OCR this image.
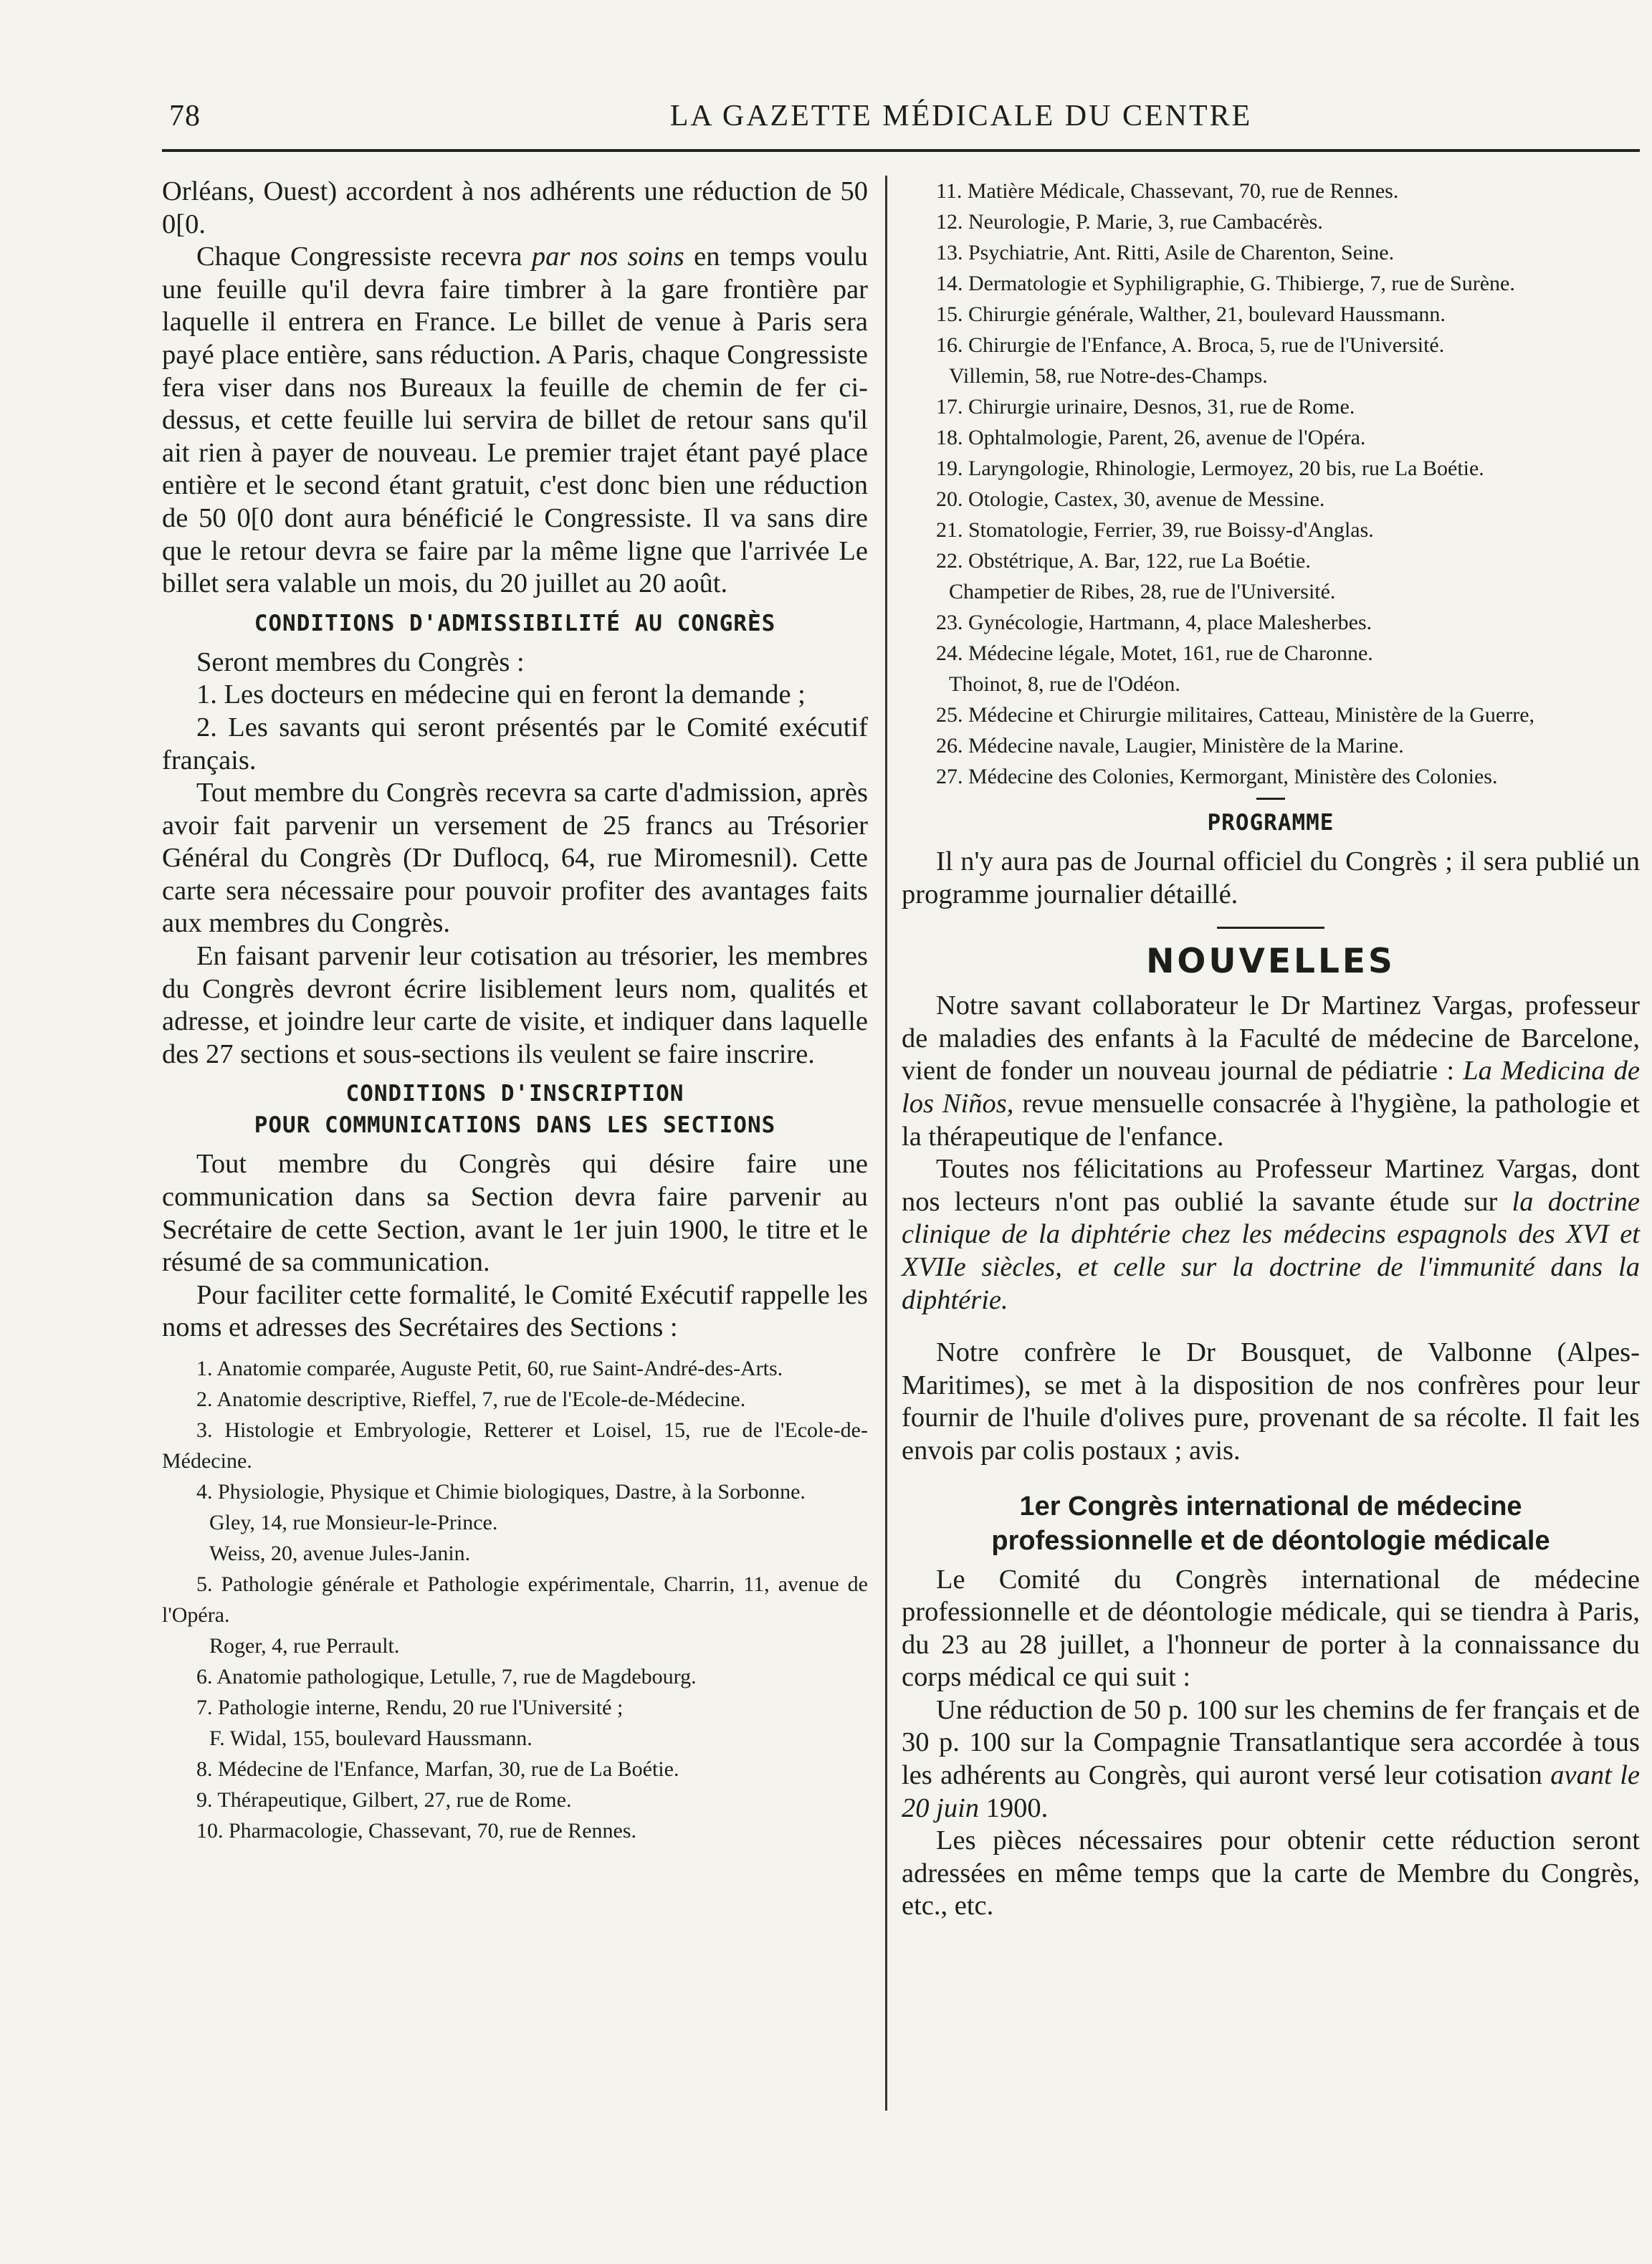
78	LA GAZETTE MÉDICALE DU CENTRE

Orléans, Ouest) accordent à nos adhérents une réduction de 50 0[0.

Chaque Congressiste recevra par nos soins en temps voulu une feuille qu'il devra faire timbrer à la gare frontière par laquelle il entrera en France. Le billet de venue à Paris sera payé place entière, sans réduction. A Paris, chaque Congressiste fera viser dans nos Bureaux la feuille de chemin de fer ci-dessus, et cette feuille lui servira de billet de retour sans qu'il ait rien à payer de nouveau. Le premier trajet étant payé place entière et le second étant gratuit, c'est donc bien une réduction de 50 0[0 dont aura bénéficié le Congressiste. Il va sans dire que le retour devra se faire par la même ligne que l'arrivée Le billet sera valable un mois, du 20 juillet au 20 août.

CONDITIONS D'ADMISSIBILITÉ AU CONGRÈS

Seront membres du Congrès :

1. Les docteurs en médecine qui en feront la demande ;

2. Les savants qui seront présentés par le Comité exécutif français.

Tout membre du Congrès recevra sa carte d'admission, après avoir fait parvenir un versement de 25 francs au Trésorier Général du Congrès (Dr Duflocq, 64, rue Miromesnil). Cette carte sera nécessaire pour pouvoir profiter des avantages faits aux membres du Congrès.

En faisant parvenir leur cotisation au trésorier, les membres du Congrès devront écrire lisiblement leurs nom, qualités et adresse, et joindre leur carte de visite, et indiquer dans laquelle des 27 sections et sous-sections ils veulent se faire inscrire.

CONDITIONS D'INSCRIPTION
POUR COMMUNICATIONS DANS LES SECTIONS

Tout membre du Congrès qui désire faire une communication dans sa Section devra faire parvenir au Secrétaire de cette Section, avant le 1er juin 1900, le titre et le résumé de sa communication.

Pour faciliter cette formalité, le Comité Exécutif rappelle les noms et adresses des Secrétaires des Sections :

1. Anatomie comparée, Auguste Petit, 60, rue Saint-André-des-Arts.
2. Anatomie descriptive, Rieffel, 7, rue de l'Ecole-de-Médecine.
3. Histologie et Embryologie, Retterer et Loisel, 15, rue de l'Ecole-de-Médecine.
4. Physiologie, Physique et Chimie biologiques, Dastre, à la Sorbonne.
Gley, 14, rue Monsieur-le-Prince.
Weiss, 20, avenue Jules-Janin.
5. Pathologie générale et Pathologie expérimentale, Charrin, 11, avenue de l'Opéra.
Roger, 4, rue Perrault.
6. Anatomie pathologique, Letulle, 7, rue de Magdebourg.
7. Pathologie interne, Rendu, 20 rue l'Université ;
F. Widal, 155, boulevard Haussmann.
8. Médecine de l'Enfance, Marfan, 30, rue de La Boétie.
9. Thérapeutique, Gilbert, 27, rue de Rome.
10. Pharmacologie, Chassevant, 70, rue de Rennes.
11. Matière Médicale, Chassevant, 70, rue de Rennes.
12. Neurologie, P. Marie, 3, rue Cambacérès.
13. Psychiatrie, Ant. Ritti, Asile de Charenton, Seine.
14. Dermatologie et Syphiligraphie, G. Thibierge, 7, rue de Surène.
15. Chirurgie générale, Walther, 21, boulevard Haussmann.
16. Chirurgie de l'Enfance, A. Broca, 5, rue de l'Université.
Villemin, 58, rue Notre-des-Champs.
17. Chirurgie urinaire, Desnos, 31, rue de Rome.
18. Ophtalmologie, Parent, 26, avenue de l'Opéra.
19. Laryngologie, Rhinologie, Lermoyez, 20 bis, rue La Boétie.
20. Otologie, Castex, 30, avenue de Messine.
21. Stomatologie, Ferrier, 39, rue Boissy-d'Anglas.
22. Obstétrique, A. Bar, 122, rue La Boétie.
Champetier de Ribes, 28, rue de l'Université.
23. Gynécologie, Hartmann, 4, place Malesherbes.
24. Médecine légale, Motet, 161, rue de Charonne.
Thoinot, 8, rue de l'Odéon.
25. Médecine et Chirurgie militaires, Catteau, Ministère de la Guerre,
26. Médecine navale, Laugier, Ministère de la Marine.
27. Médecine des Colonies, Kermorgant, Ministère des Colonies.
PROGRAMME

Il n'y aura pas de Journal officiel du Congrès ; il sera publié un programme journalier détaillé.

NOUVELLES

Notre savant collaborateur le Dr Martinez Vargas, professeur de maladies des enfants à la Faculté de médecine de Barcelone, vient de fonder un nouveau journal de pédiatrie : La Medicina de los Niños, revue mensuelle consacrée à l'hygiène, la pathologie et la thérapeutique de l'enfance.

Toutes nos félicitations au Professeur Martinez Vargas, dont nos lecteurs n'ont pas oublié la savante étude sur la doctrine clinique de la diphtérie chez les médecins espagnols des XVI et XVIIe siècles, et celle sur la doctrine de l'immunité dans la diphtérie.

Notre confrère le Dr Bousquet, de Valbonne (Alpes-Maritimes), se met à la disposition de nos confrères pour leur fournir de l'huile d'olives pure, provenant de sa récolte. Il fait les envois par colis postaux ; avis.

1er Congrès international de médecine
professionnelle et de déontologie médicale

Le Comité du Congrès international de médecine professionnelle et de déontologie médicale, qui se tiendra à Paris, du 23 au 28 juillet, a l'honneur de porter à la connaissance du corps médical ce qui suit :

Une réduction de 50 p. 100 sur les chemins de fer français et de 30 p. 100 sur la Compagnie Transatlantique sera accordée à tous les adhérents au Congrès, qui auront versé leur cotisation avant le 20 juin 1900.

Les pièces nécessaires pour obtenir cette réduction seront adressées en même temps que la carte de Membre du Congrès, etc., etc.
